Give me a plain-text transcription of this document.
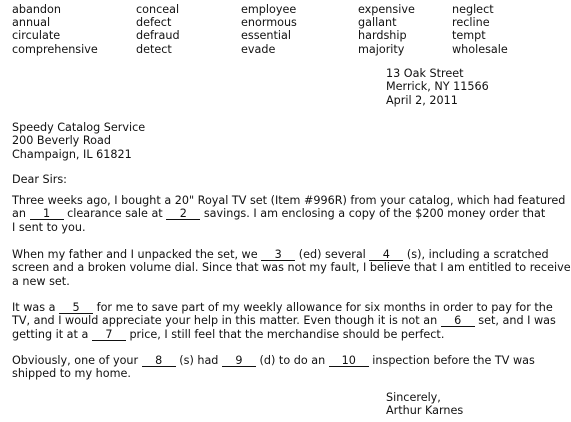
abandon
annual
circulate
comprehensive
conceal
defect
defraud
detect
employee
enormous
essential
evade
expensive
gallant
hardship
majority
neglect
recline
tempt
wholesale
13 Oak Street
Merrick, NY 11566
April 2, 2011
Speedy Catalog Service
200 Beverly Road
Champaign, IL 61821
Dear Sirs:
Three weeks ago, I bought a 20" Royal TV set (Item #996R) from your catalog, which had featured
an 1 clearance sale at 2 savings. I am enclosing a copy of the $200 money order that
I sent to you.
When my father and I unpacked the set, we 3 (ed) several 4 (s), including a scratched
screen and a broken volume dial. Since that was not my fault, I believe that I am entitled to receive
a new set.
It was a 5 for me to save part of my weekly allowance for six months in order to pay for the
TV, and I would appreciate your help in this matter. Even though it is not an 6 set, and I was
getting it at a 7 price, I still feel that the merchandise should be perfect.
Obviously, one of your 8 (s) had 9 (d) to do an 10 inspection before the TV was
shipped to my home.
Sincerely,
Arthur Karnes
